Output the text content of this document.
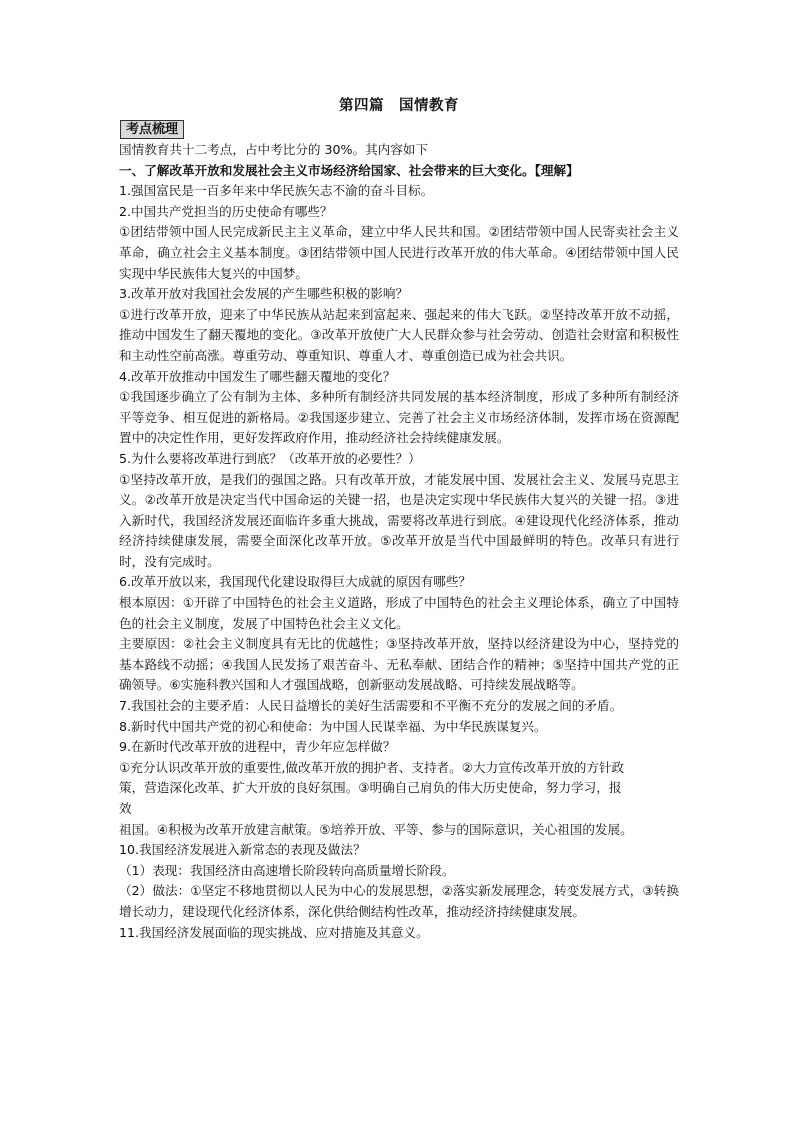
第四篇　国情教育
考点梳理
国情教育共十二考点，占中考比分的 30%。其内容如下
一、了解改革开放和发展社会主义市场经济给国家、社会带来的巨大变化。【理解】
1.强国富民是一百多年来中华民族矢志不渝的奋斗目标。
2.中国共产党担当的历史使命有哪些？

①团结带领中国人民完成新民主主义革命，建立中华人民共和国。②团结带领中国人民寄卖社会主义革命，确立社会主义基本制度。③团结带领中国人民进行改革开放的伟大革命。④团结带领中国人民实现中华民族伟大复兴的中国梦。

3.改革开放对我国社会发展的产生哪些积极的影响？

①进行改革开放，迎来了中华民族从站起来到富起来、强起来的伟大飞跃。②坚持改革开放不动摇，推动中国发生了翻天覆地的变化。③改革开放使广大人民群众参与社会劳动、创造社会财富和积极性和主动性空前高涨。尊重劳动、尊重知识、尊重人才、尊重创造已成为社会共识。

4.改革开放推动中国发生了哪些翻天覆地的变化？

①我国逐步确立了公有制为主体、多种所有制经济共同发展的基本经济制度，形成了多种所有制经济平等竞争、相互促进的新格局。②我国逐步建立、完善了社会主义市场经济体制，发挥市场在资源配置中的决定性作用，更好发挥政府作用，推动经济社会持续健康发展。

5.为什么要将改革进行到底？（改革开放的必要性？）

①坚持改革开放，是我们的强国之路。只有改革开放，才能发展中国、发展社会主义、发展马克思主义。②改革开放是决定当代中国命运的关键一招，也是决定实现中华民族伟大复兴的关键一招。③进入新时代，我国经济发展还面临许多重大挑战，需要将改革进行到底。④建设现代化经济体系，推动经济持续健康发展，需要全面深化改革开放。⑤改革开放是当代中国最鲜明的特色。改革只有进行时，没有完成时。

6.改革开放以来，我国现代化建设取得巨大成就的原因有哪些？

根本原因：①开辟了中国特色的社会主义道路，形成了中国特色的社会主义理论体系，确立了中国特色的社会主义制度，发展了中国特色社会主义文化。

主要原因：②社会主义制度具有无比的优越性；③坚持改革开放，坚持以经济建设为中心，坚持党的基本路线不动摇；④我国人民发扬了艰苦奋斗、无私奉献、团结合作的精神；⑤坚持中国共产党的正确领导。⑥实施科教兴国和人才强国战略，创新驱动发展战略、可持续发展战略等。

7.我国社会的主要矛盾：人民日益增长的美好生活需要和不平衡不充分的发展之间的矛盾。
8.新时代中国共产党的初心和使命：为中国人民谋幸福、为中华民族谋复兴。
9.在新时代改革开放的进程中，青少年应怎样做？
①充分认识改革开放的重要性,做改革开放的拥护者、支持者。②大力宣传改革开放的方针政
策，营造深化改革、扩大开放的良好氛围。③明确自己肩负的伟大历史使命，努力学习，报
效
祖国。④积极为改革开放建言献策。⑤培养开放、平等、参与的国际意识，关心祖国的发展。
10.我国经济发展进入新常态的表现及做法？
（1）表现：我国经济由高速增长阶段转向高质量增长阶段。

（2）做法：①坚定不移地贯彻以人民为中心的发展思想，②落实新发展理念，转变发展方式，③转换增长动力，建设现代化经济体系，深化供给侧结构性改革，推动经济持续健康发展。

11.我国经济发展面临的现实挑战、应对措施及其意义。
